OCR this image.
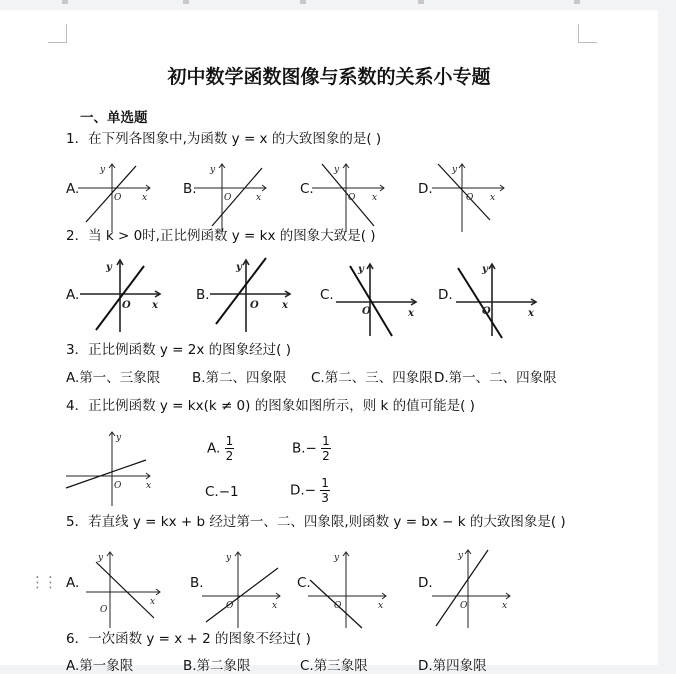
初中数学函数图像与系数的关系小专题
一、单选题
1．在下列各图象中,为函数 y = x 的大致图象的是( )
A.	B.	C.	D.
y
x
O
y
x
O
y
x
O
y
x
O
2．当 k > 0时,正比例函数 y = kx 的图象大致是( )
A.	B.	C.	D.
y
x
O
y
x
O
y
x
O
y
x
O
3．正比例函数 y = 2x 的图象经过( )
A.第一、三象限 B.第二、四象限 C.第二、三、四象限 D.第一、二、四象限
4．正比例函数 y = kx(k ≠ 0) 的图象如图所示，则 k 的值可能是( )
y
x
O
A. $\frac{1}{2}$	$B.- \frac{1}{2}$
C.−1	$D.- \frac{1}{3}$
5．若直线 y = kx + b 经过第一、二、四象限,则函数 y = bx − k 的大致图象是( )
A.	B.	C.	D.
y
x
O
y
x
O
y
x
O
y
x
O
6．一次函数 y = x + 2 的图象不经过( )
A.第一象限	B.第二象限	C.第三象限	D.第四象限
⋮⋮
